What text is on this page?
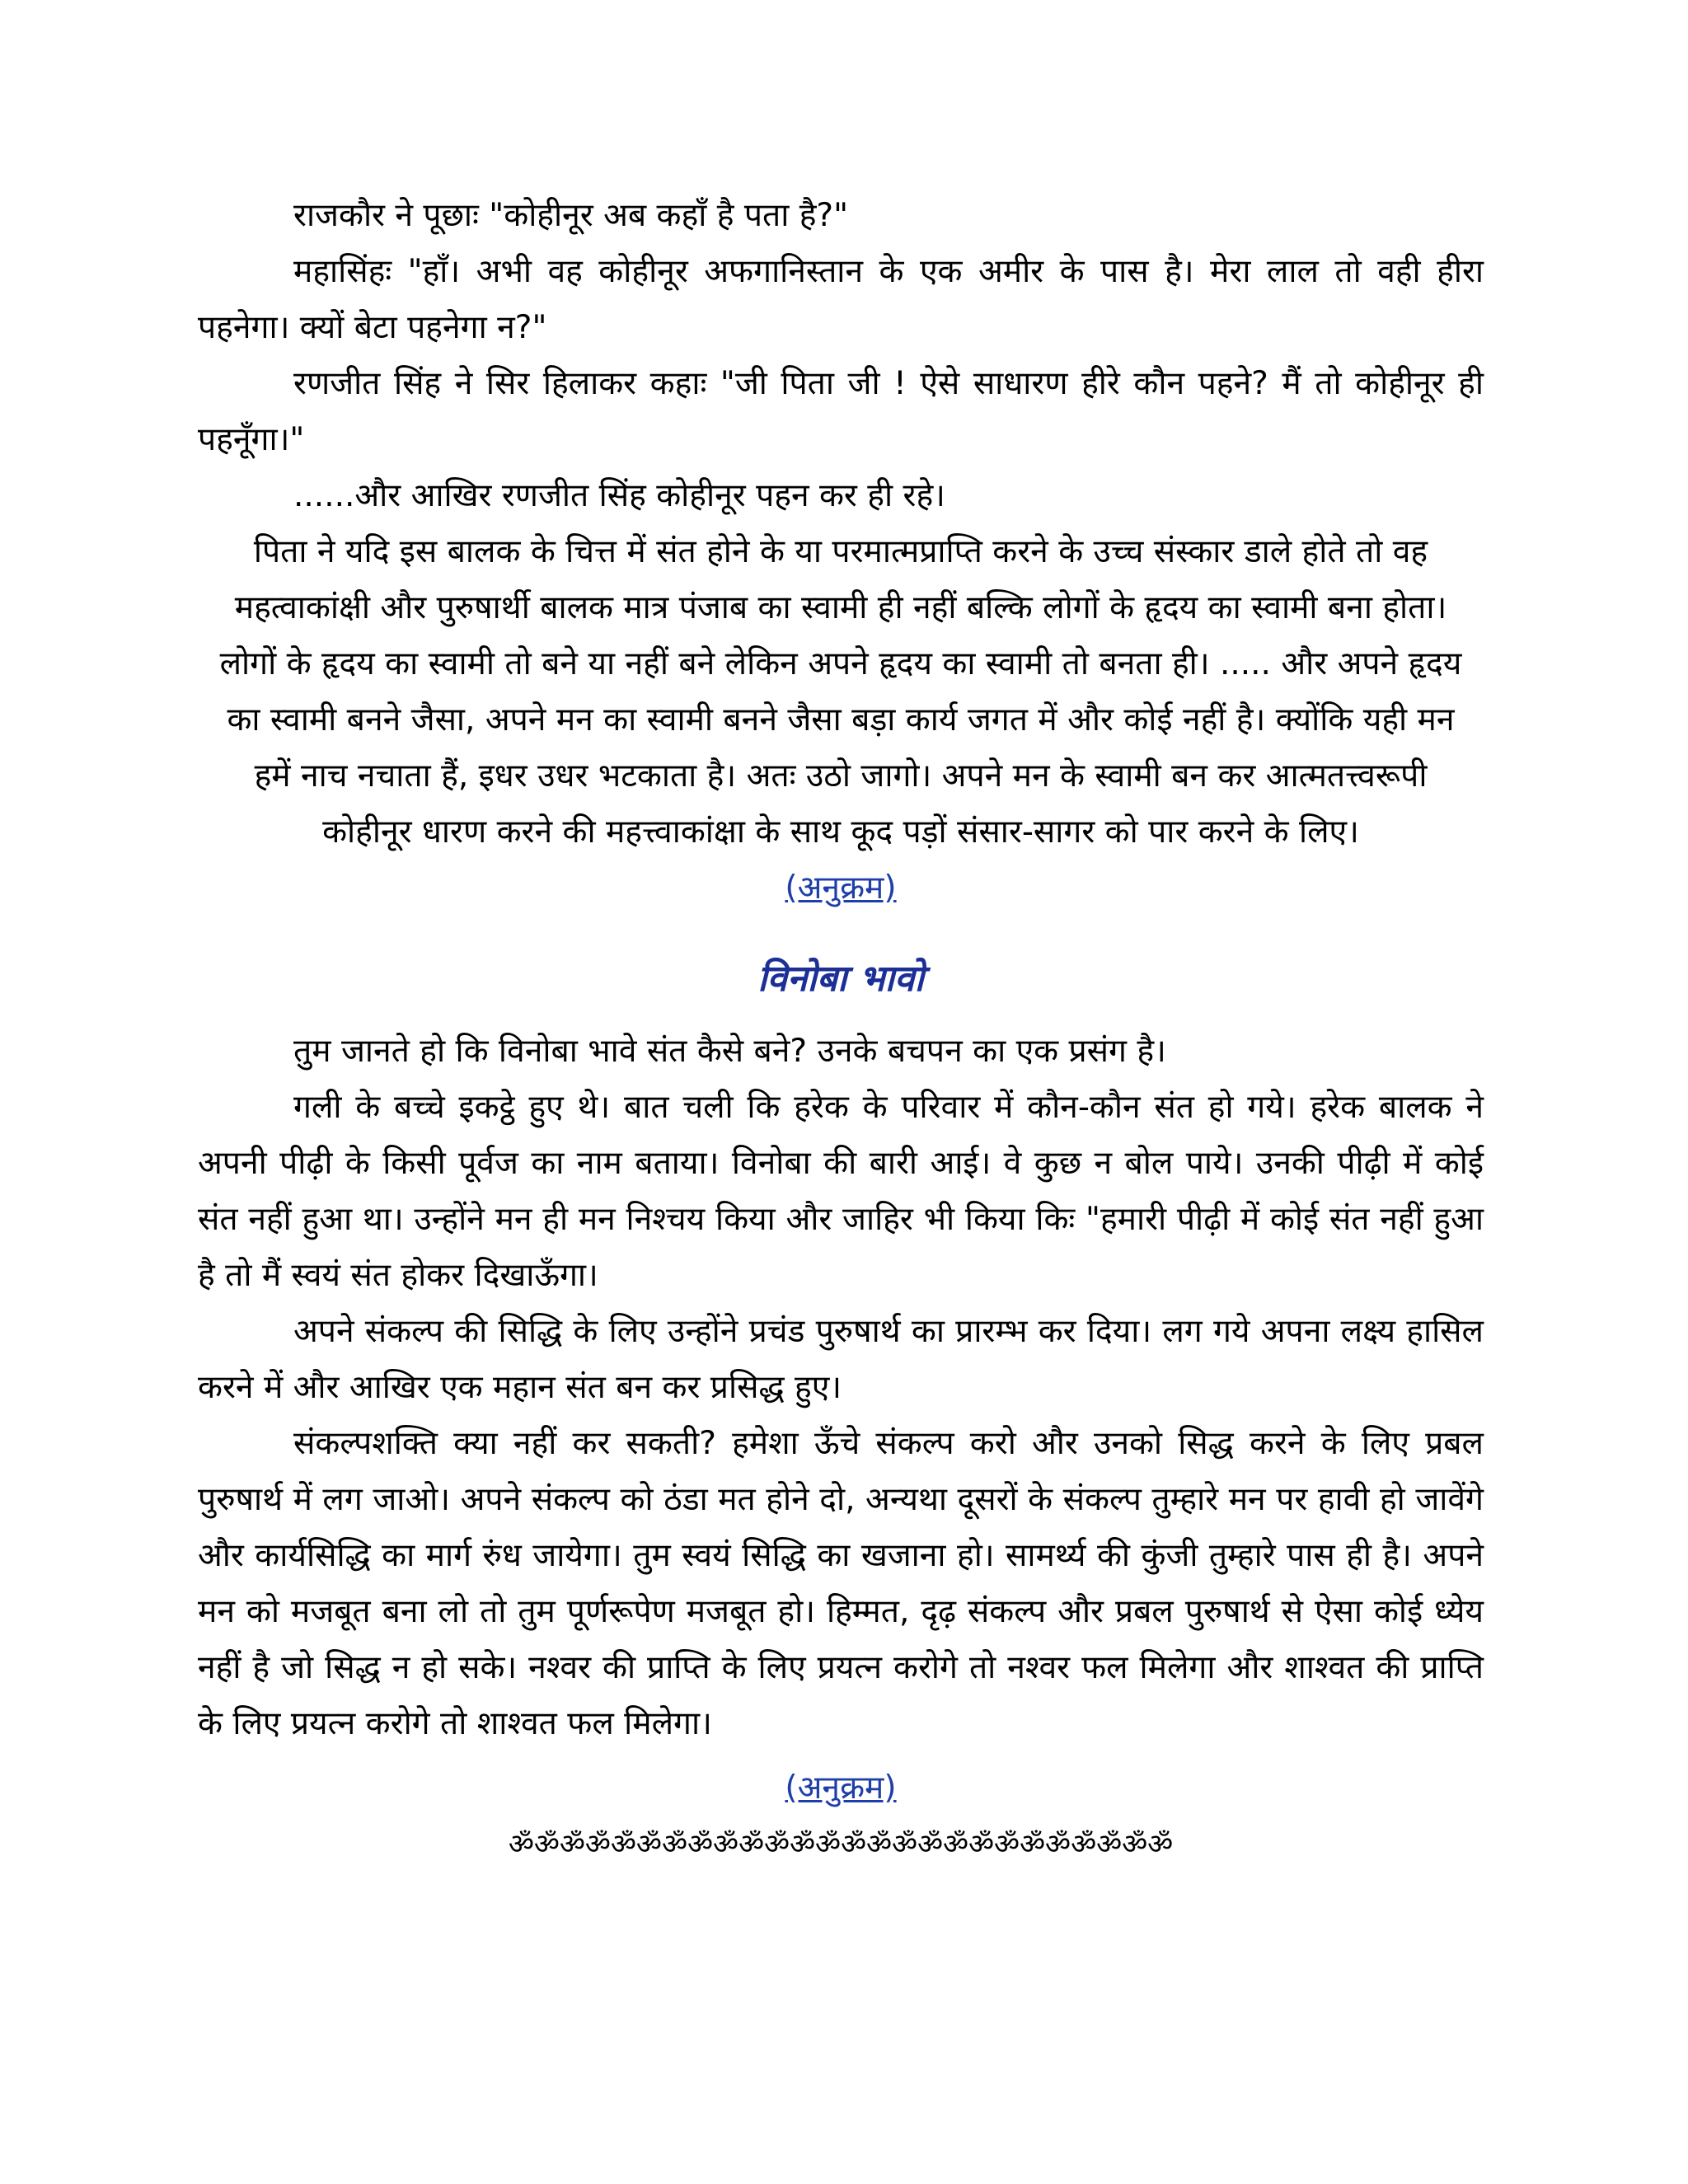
राजकौर ने पूछाः "कोहीनूर अब कहाँ है पता है?"

महासिंहः "हाँ। अभी वह कोहीनूर अफगानिस्तान के एक अमीर के पास है। मेरा लाल तो वही हीरा पहनेगा। क्यों बेटा पहनेगा न?"

रणजीत सिंह ने सिर हिलाकर कहाः "जी पिता जी ! ऐसे साधारण हीरे कौन पहने? मैं तो कोहीनूर ही पहनूँगा।"

......और आखिर रणजीत सिंह कोहीनूर पहन कर ही रहे।

पिता ने यदि इस बालक के चित्त में संत होने के या परमात्मप्राप्ति करने के उच्च संस्कार डाले होते तो वह महत्वाकांक्षी और पुरुषार्थी बालक मात्र पंजाब का स्वामी ही नहीं बल्कि लोगों के हृदय का स्वामी बना होता। लोगों के हृदय का स्वामी तो बने या नहीं बने लेकिन अपने हृदय का स्वामी तो बनता ही। ..... और अपने हृदय का स्वामी बनने जैसा, अपने मन का स्वामी बनने जैसा बड़ा कार्य जगत में और कोई नहीं है। क्योंकि यही मन हमें नाच नचाता हैं, इधर उधर भटकाता है। अतः उठो जागो। अपने मन के स्वामी बन कर आत्मतत्त्वरूपी कोहीनूर धारण करने की महत्त्वाकांक्षा के साथ कूद पड़ों संसार-सागर को पार करने के लिए।

(अनुक्रम)

विनोबा भावो

तुम जानते हो कि विनोबा भावे संत कैसे बने? उनके बचपन का एक प्रसंग है।

गली के बच्चे इकट्ठे हुए थे। बात चली कि हरेक के परिवार में कौन-कौन संत हो गये। हरेक बालक ने अपनी पीढ़ी के किसी पूर्वज का नाम बताया। विनोबा की बारी आई। वे कुछ न बोल पाये। उनकी पीढ़ी में कोई संत नहीं हुआ था। उन्होंने मन ही मन निश्चय किया और जाहिर भी किया किः "हमारी पीढ़ी में कोई संत नहीं हुआ है तो मैं स्वयं संत होकर दिखाऊँगा।

अपने संकल्प की सिद्धि के लिए उन्होंने प्रचंड पुरुषार्थ का प्रारम्भ कर दिया। लग गये अपना लक्ष्य हासिल करने में और आखिर एक महान संत बन कर प्रसिद्ध हुए।

संकल्पशक्ति क्या नहीं कर सकती? हमेशा ऊँचे संकल्प करो और उनको सिद्ध करने के लिए प्रबल पुरुषार्थ में लग जाओ। अपने संकल्प को ठंडा मत होने दो, अन्यथा दूसरों के संकल्प तुम्हारे मन पर हावी हो जावेंगे और कार्यसिद्धि का मार्ग रुंध जायेगा। तुम स्वयं सिद्धि का खजाना हो। सामर्थ्य की कुंजी तुम्हारे पास ही है। अपने मन को मजबूत बना लो तो तुम पूर्णरूपेण मजबूत हो। हिम्मत, दृढ़ संकल्प और प्रबल पुरुषार्थ से ऐसा कोई ध्येय नहीं है जो सिद्ध न हो सके। नश्वर की प्राप्ति के लिए प्रयत्न करोगे तो नश्वर फल मिलेगा और शाश्वत की प्राप्ति के लिए प्रयत्न करोगे तो शाश्वत फल मिलेगा।

(अनुक्रम)

ॐॐॐॐॐॐॐॐॐॐॐॐॐॐॐॐॐॐॐॐॐॐॐॐॐॐ
